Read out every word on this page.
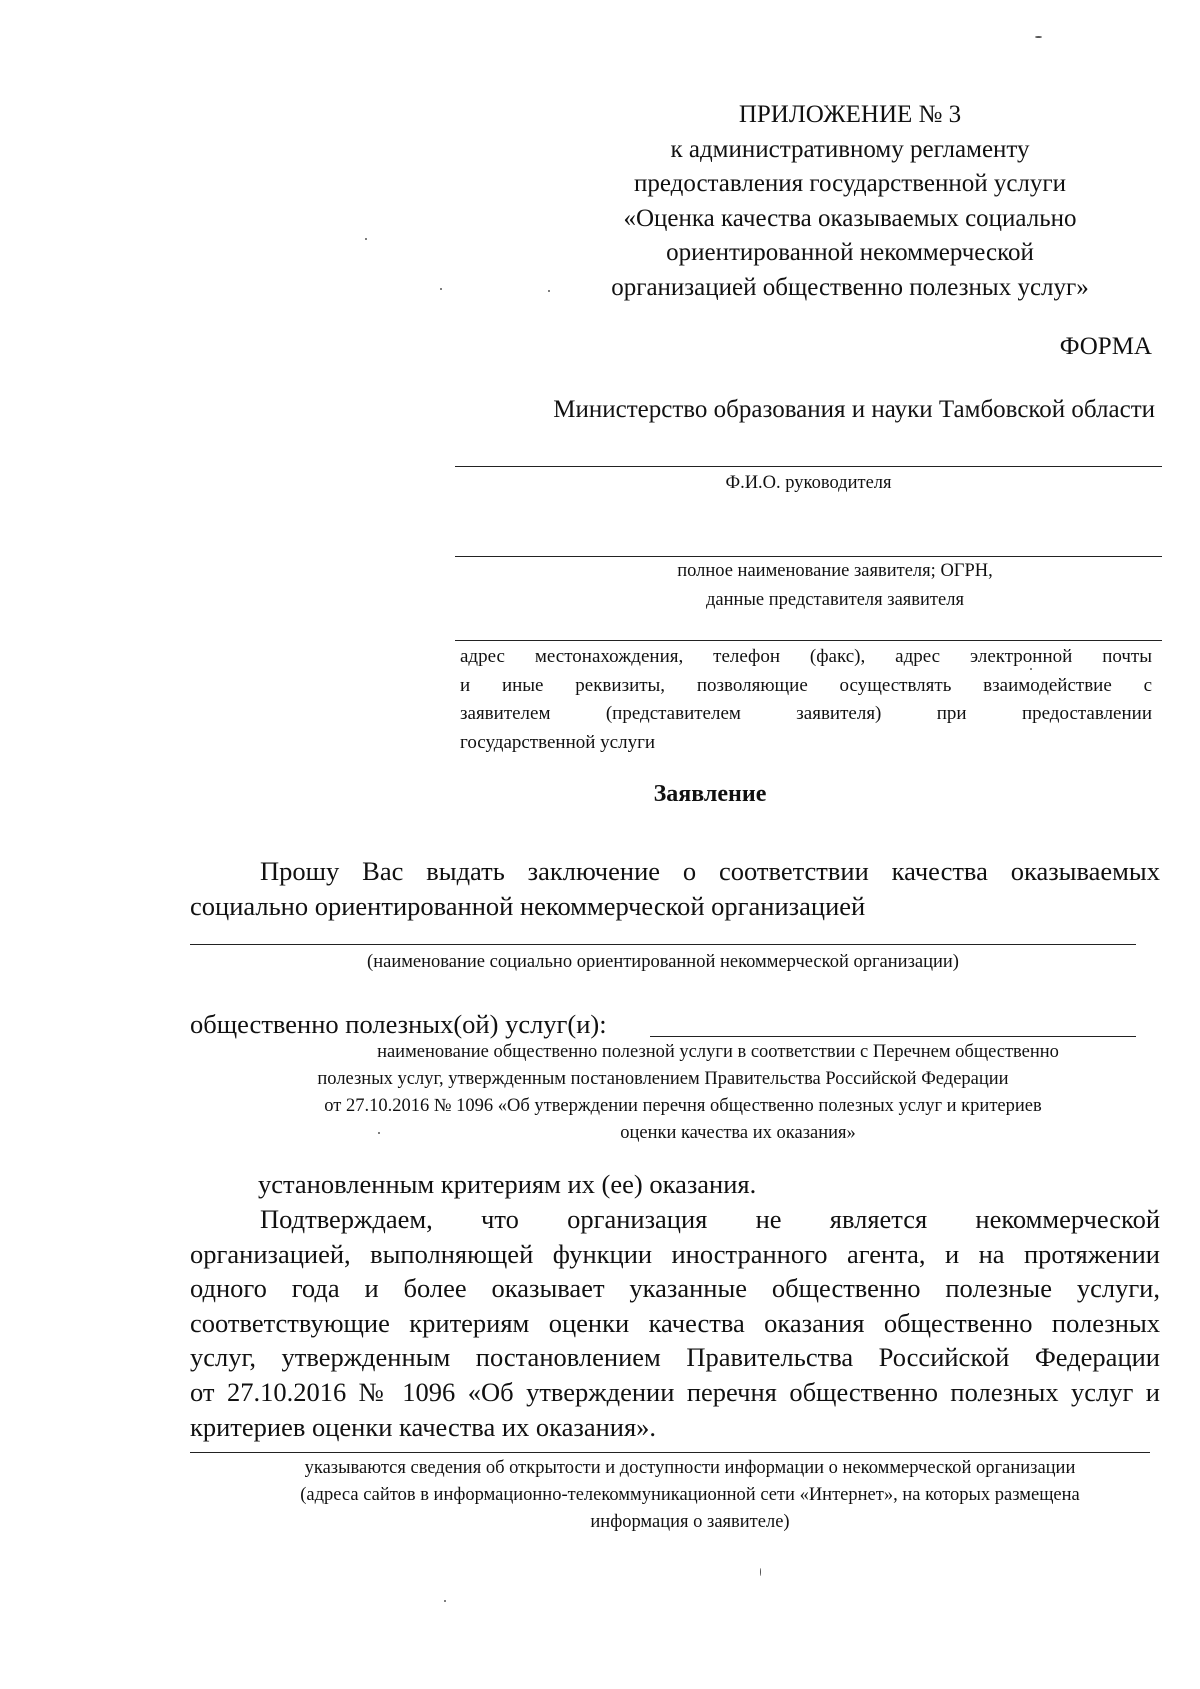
ПРИЛОЖЕНИЕ № 3
к административному регламенту
предоставления государственной услуги
«Оценка качества оказываемых социально
ориентированной некоммерческой
организацией общественно полезных услуг»
ФОРМА
Министерство образования и науки Тамбовской области
Ф.И.О. руководителя
полное наименование заявителя; ОГРН,
данные представителя заявителя
адрес местонахождения, телефон (факс), адрес электронной почты
и иные реквизиты, позволяющие осуществлять взаимодействие с
заявителем (представителем заявителя) при предоставлении
государственной услуги
Заявление
Прошу Вас выдать заключение о соответствии качества оказываемых
социально ориентированной некоммерческой организацией
(наименование социально ориентированной некоммерческой организации)
общественно полезных(ой) услуг(и):
наименование общественно полезной услуги в соответствии с Перечнем общественно
полезных услуг, утвержденным постановлением Правительства Российской Федерации
от 27.10.2016 № 1096 «Об утверждении перечня общественно полезных услуг и критериев
оценки качества их оказания»
установленным критериям их (ее) оказания.
Подтверждаем, что организация не является некоммерческой
организацией, выполняющей функции иностранного агента, и на протяжении
одного года и более оказывает указанные общественно полезные услуги,
соответствующие критериям оценки качества оказания общественно полезных
услуг, утвержденным постановлением Правительства Российской Федерации
от 27.10.2016 № 1096 «Об утверждении перечня общественно полезных услуг и
критериев оценки качества их оказания».
указываются сведения об открытости и доступности информации о некоммерческой организации
(адреса сайтов в информационно-телекоммуникационной сети «Интернет», на которых размещена
информация о заявителе)
